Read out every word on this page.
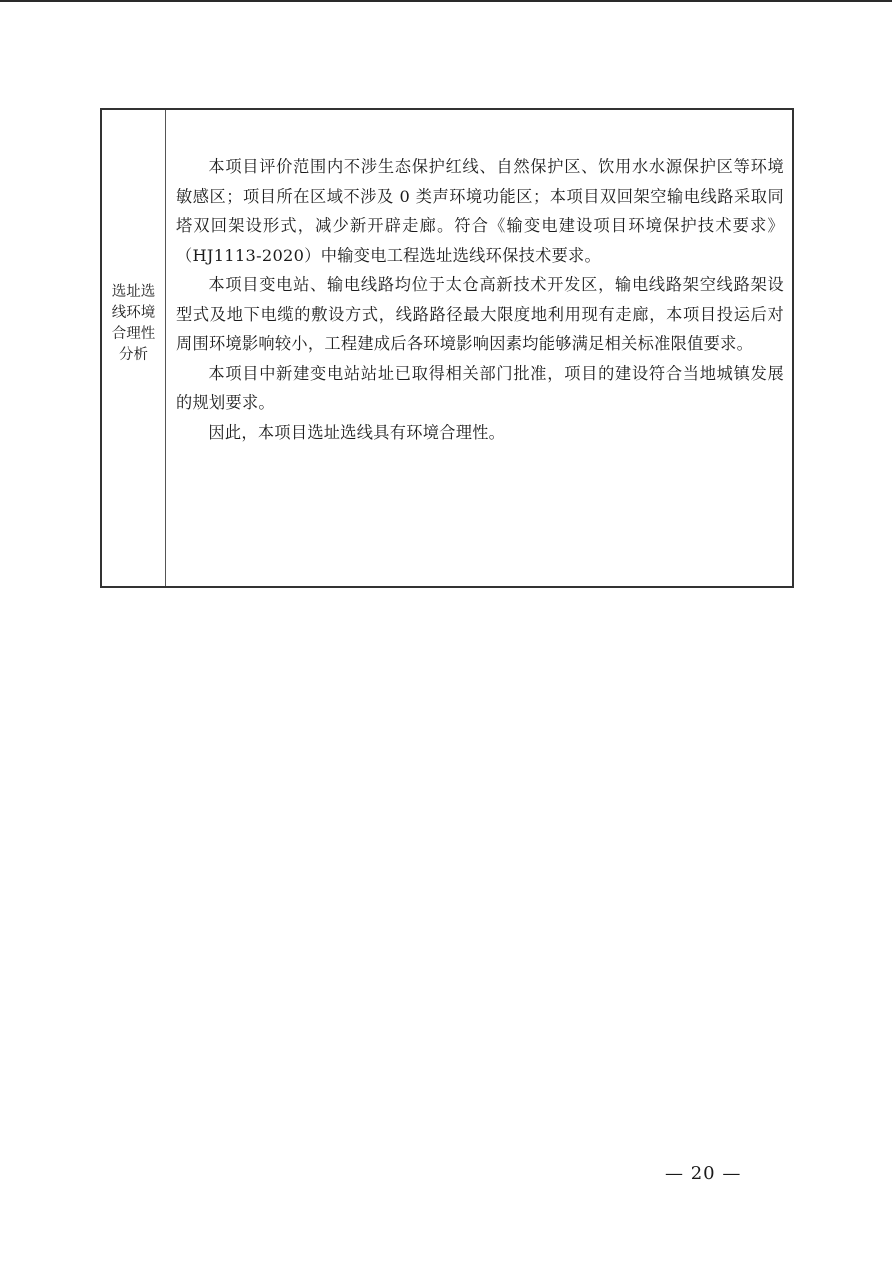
选址选线环境合理性分析

本项目评价范围内不涉生态保护红线、自然保护区、饮用水水源保护区等环境敏感区；项目所在区域不涉及 0 类声环境功能区；本项目双回架空输电线路采取同塔双回架设形式，减少新开辟走廊。符合《输变电建设项目环境保护技术要求》（HJ1113-2020）中输变电工程选址选线环保技术要求。

本项目变电站、输电线路均位于太仓高新技术开发区，输电线路架空线路架设型式及地下电缆的敷设方式，线路路径最大限度地利用现有走廊，本项目投运后对周围环境影响较小，工程建成后各环境影响因素均能够满足相关标准限值要求。

本项目中新建变电站站址已取得相关部门批准，项目的建设符合当地城镇发展的规划要求。

因此，本项目选址选线具有环境合理性。

— 20 —
